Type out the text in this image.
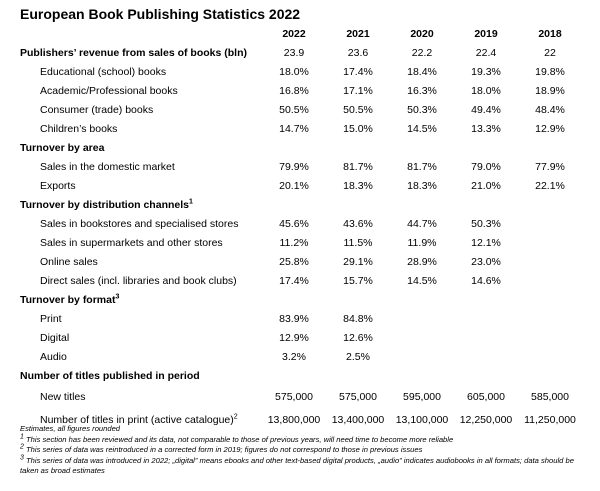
European Book Publishing Statistics 2022
	2022	2021	2020	2019	2018
Publishers’ revenue from sales of books (bln)	23.9	23.6	22.2	22.4	22
Educational (school) books	18.0%	17.4%	18.4%	19.3%	19.8%
Academic/Professional books	16.8%	17.1%	16.3%	18.0%	18.9%
Consumer (trade) books	50.5%	50.5%	50.3%	49.4%	48.4%
Children’s books	14.7%	15.0%	14.5%	13.3%	12.9%
Turnover by area					
Sales in the domestic market	79.9%	81.7%	81.7%	79.0%	77.9%
Exports	20.1%	18.3%	18.3%	21.0%	22.1%
Turnover by distribution channels$^1$					
Sales in bookstores and specialised stores	45.6%	43.6%	44.7%	50.3%	
Sales in supermarkets and other stores	11.2%	11.5%	11.9%	12.1%	
Online sales	25.8%	29.1%	28.9%	23.0%	
Direct sales (incl. libraries and book clubs)	17.4%	15.7%	14.5%	14.6%	
Turnover by format$^3$					
Print	83.9%	84.8%			
Digital	12.9%	12.6%			
Audio	3.2%	2.5%			
Number of titles published in period					
New titles	575,000	575,000	595,000	605,000	585,000
Number of titles in print (active catalogue)$^2$	13,800,000	13,400,000	13,100,000	12,250,000	11,250,000
Estimates, all figures rounded
$^1$ This section has been reviewed and its data, not comparable to those of previous years, will need time to become more reliable
$^2$ This series of data was reintroduced in a corrected form in 2019; figures do not correspond to those in previous issues
$^3$ This series of data was introduced in 2022; „digital” means ebooks and other text-based digital products, „audio” indicates audiobooks in all formats; data should be taken as broad estimates
